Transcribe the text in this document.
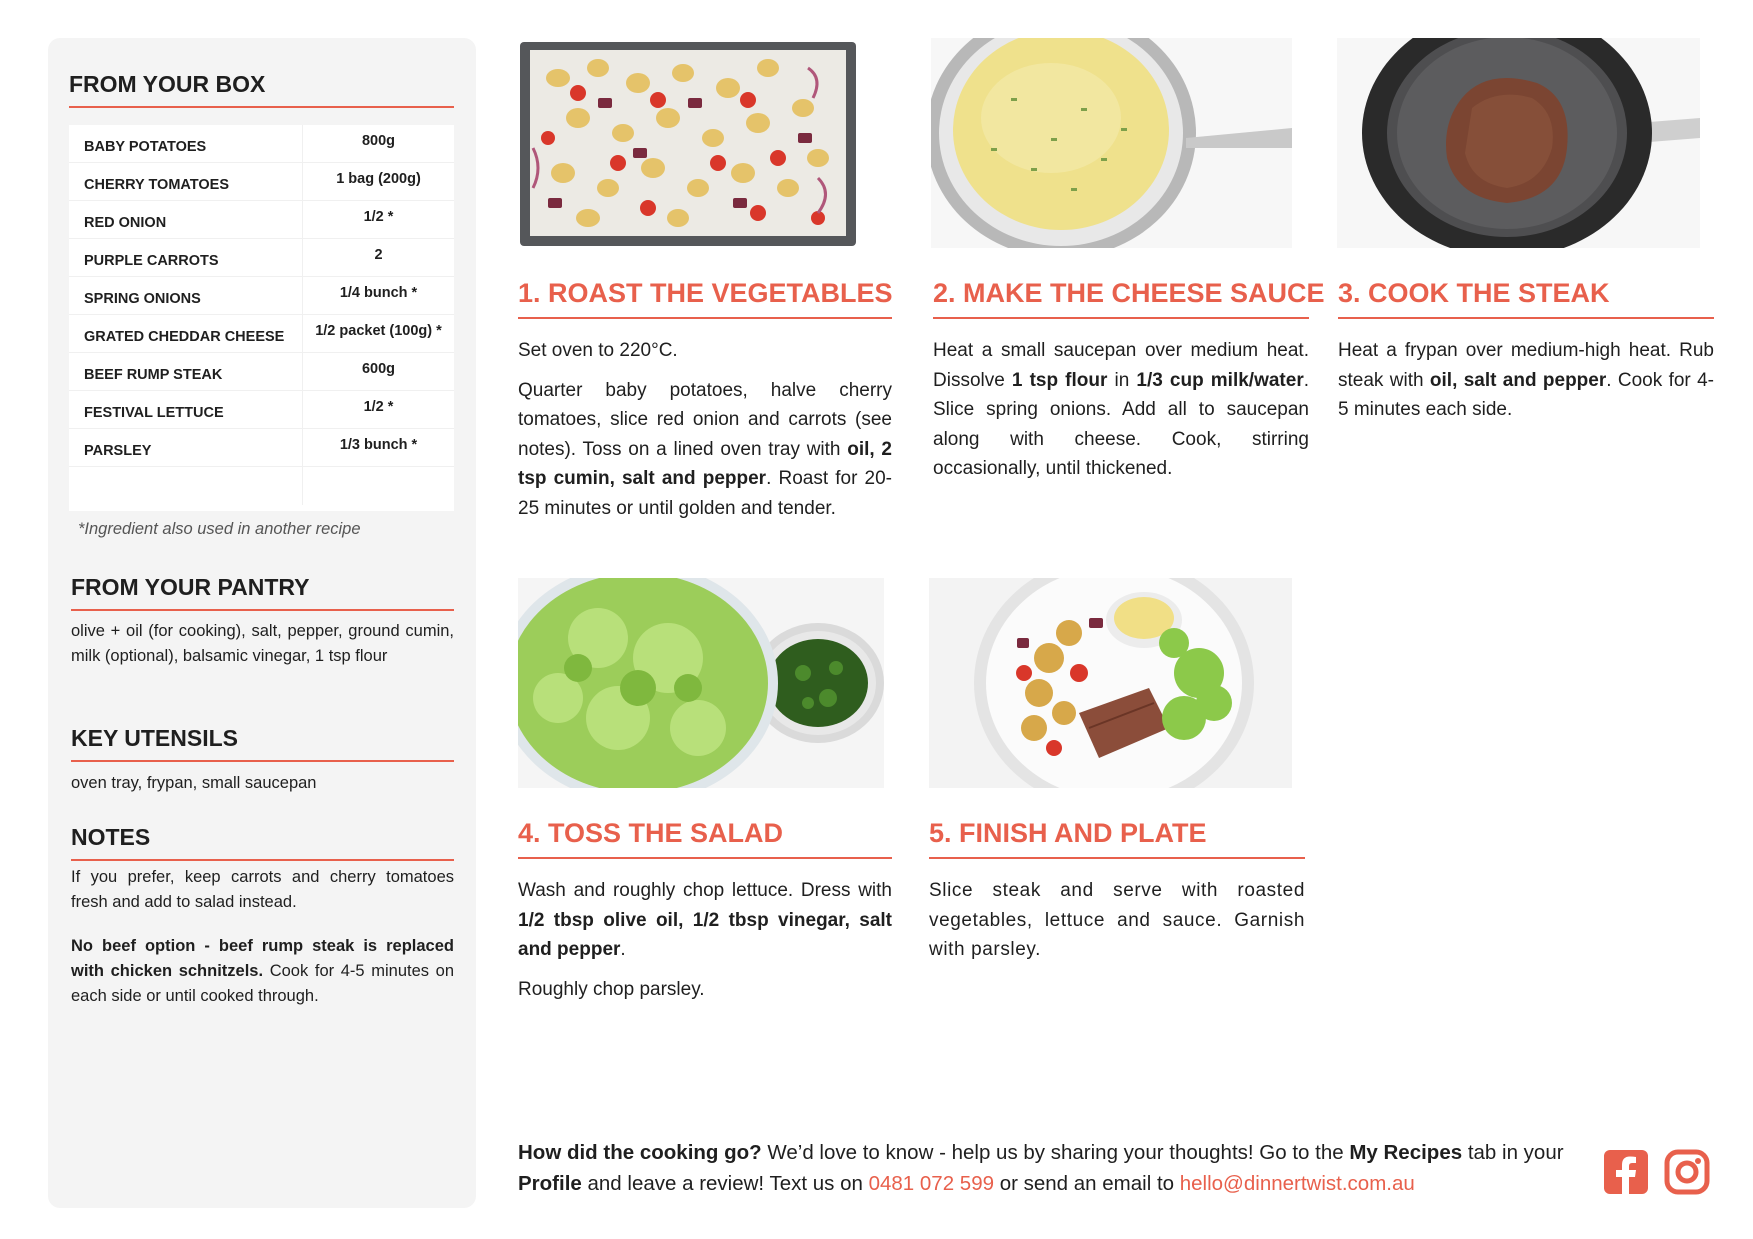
FROM YOUR BOX
BABY POTATOES	800g
CHERRY TOMATOES	1 bag (200g)
RED ONION	1/2 *
PURPLE CARROTS	2
SPRING ONIONS	1/4 bunch *
GRATED CHEDDAR CHEESE	1/2 packet (100g) *
BEEF RUMP STEAK	600g
FESTIVAL LETTUCE	1/2 *
PARSLEY	1/3 bunch *
*Ingredient also used in another recipe
FROM YOUR PANTRY
olive + oil (for cooking), salt, pepper, ground cumin, milk (optional), balsamic vinegar, 1 tsp flour
KEY UTENSILS
oven tray, frypan, small saucepan
NOTES
If you prefer, keep carrots and cherry tomatoes fresh and add to salad instead.
No beef option - beef rump steak is replaced with chicken schnitzels. Cook for 4-5 minutes on each side or until cooked through.
1. ROAST THE VEGETABLES

Set oven to 220°C.

Quarter baby potatoes, halve cherry tomatoes, slice red onion and carrots (see notes). Toss on a lined oven tray with oil, 2 tsp cumin, salt and pepper. Roast for 20-25 minutes or until golden and tender.

2. MAKE THE CHEESE SAUCE

Heat a small saucepan over medium heat. Dissolve 1 tsp flour in 1/3 cup milk/water. Slice spring onions. Add all to saucepan along with cheese. Cook, stirring occasionally, until thickened.

3. COOK THE STEAK

Heat a frypan over medium-high heat. Rub steak with oil, salt and pepper. Cook for 4-5 minutes each side.

4. TOSS THE SALAD

Wash and roughly chop lettuce. Dress with 1/2 tbsp olive oil, 1/2 tbsp vinegar, salt and pepper.

Roughly chop parsley.

5. FINISH AND PLATE
Slice steak and serve with roasted vegetables, lettuce and sauce. Garnish with parsley.
How did the cooking go? We’d love to know - help us by sharing your thoughts! Go to the My Recipes tab in your Profile and leave a review! Text us on 0481 072 599 or send an email to hello@dinnertwist.com.au
